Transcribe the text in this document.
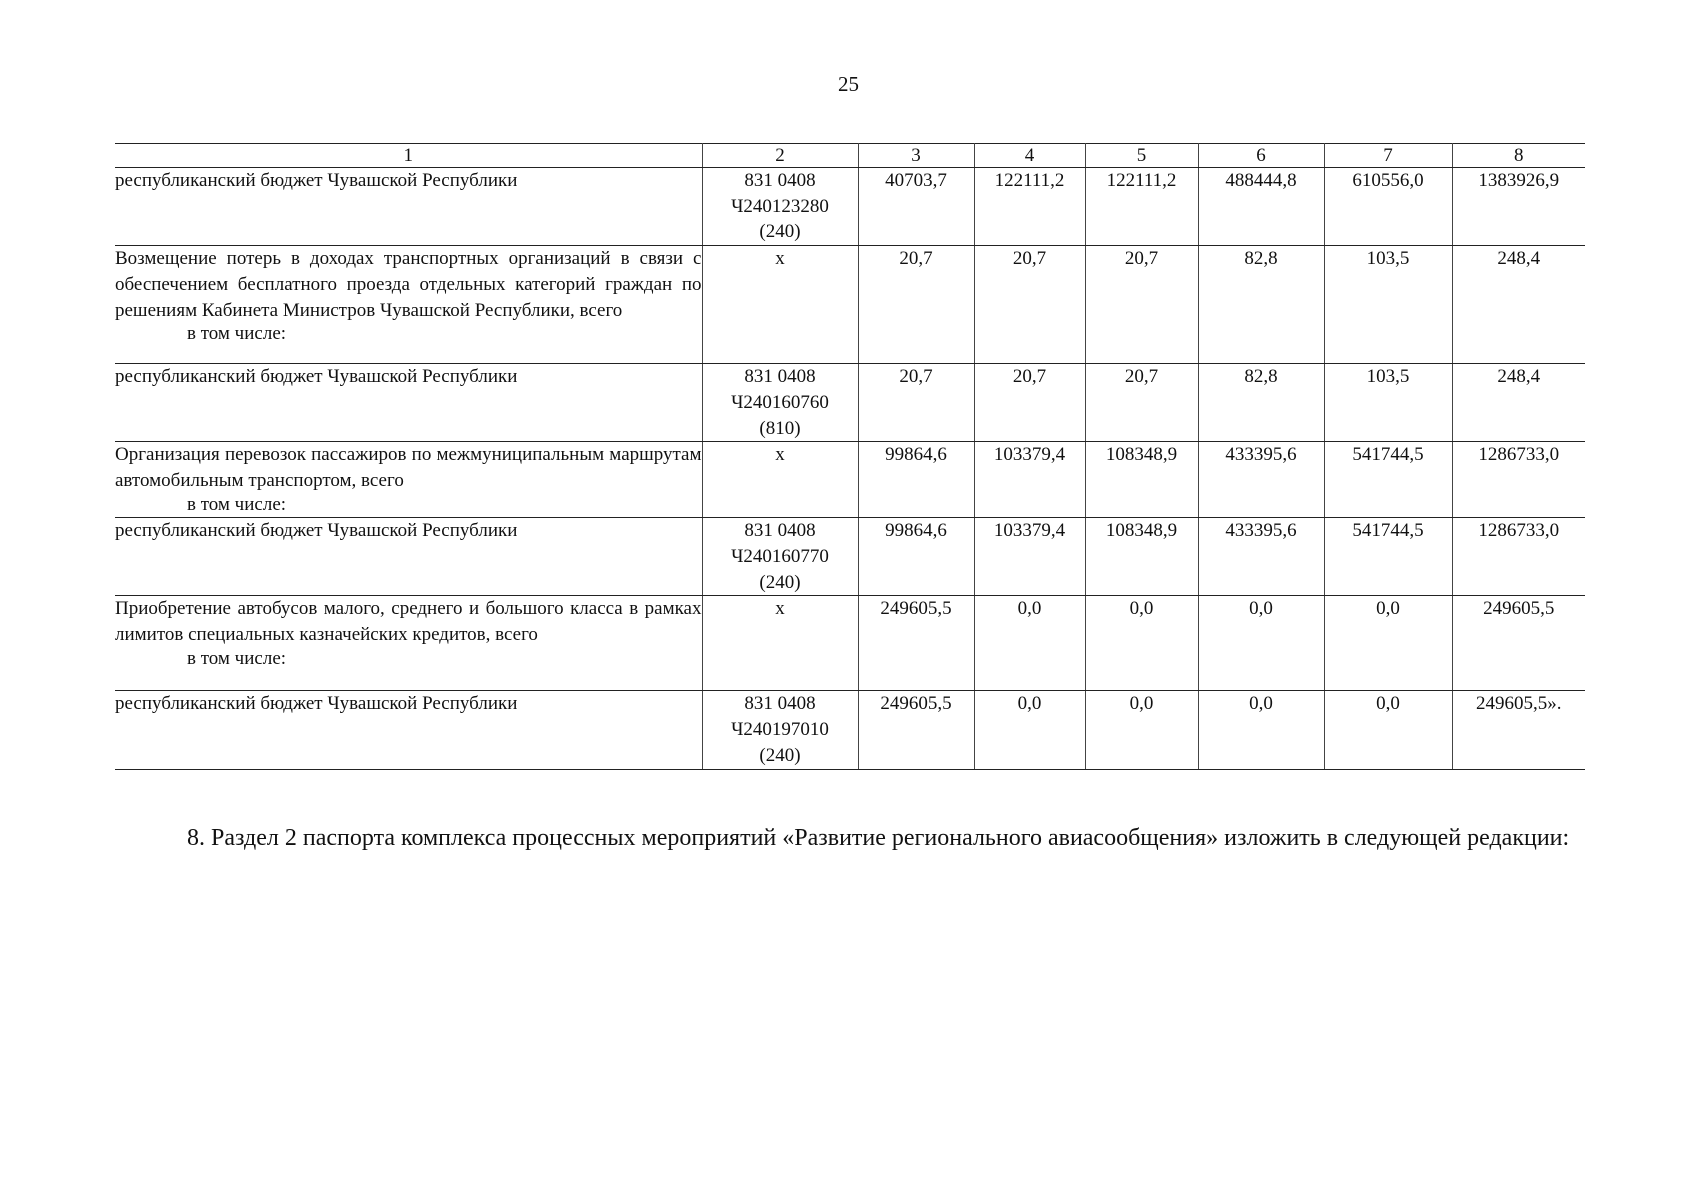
25
1	2	3	4	5	6	7	8

республиканский бюджет Чувашской Республики	831 0408
Ч240123280
(240)	40703,7	122111,2	122111,2	488444,8	610556,0	1383926,9

Возмещение потерь в доходах транспортных организаций в связи с обеспечением бесплатного проезда отдельных категорий граждан по решениям Кабинета Министров Чувашской Республики, всего
в том числе:	х	20,7	20,7	20,7	82,8	103,5	248,4

республиканский бюджет Чувашской Республики	831 0408
Ч240160760
(810)	20,7	20,7	20,7	82,8	103,5	248,4

Организация перевозок пассажиров по межмуниципальным маршрутам автомобильным транспортом, всего
в том числе:	х	99864,6	103379,4	108348,9	433395,6	541744,5	1286733,0

республиканский бюджет Чувашской Республики	831 0408
Ч240160770
(240)	99864,6	103379,4	108348,9	433395,6	541744,5	1286733,0

Приобретение автобусов малого, среднего и большого класса в рамках лимитов специальных казначейских кредитов, всего
в том числе:	х	249605,5	0,0	0,0	0,0	0,0	249605,5

республиканский бюджет Чувашской Республики	831 0408
Ч240197010
(240)	249605,5	0,0	0,0	0,0	0,0	249605,5».
8. Раздел 2 паспорта комплекса процессных мероприятий «Развитие регионального авиасообщения» изложить в следующей редакции:
